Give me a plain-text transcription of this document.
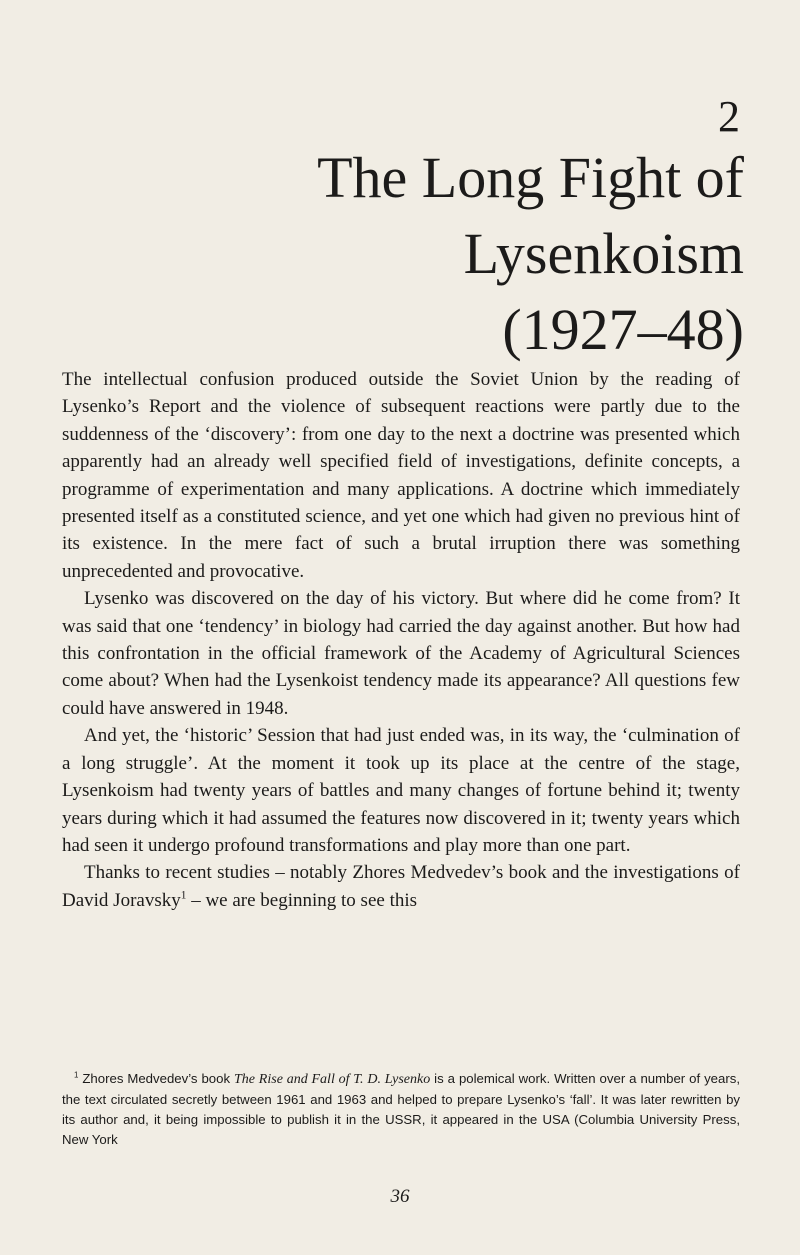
2
The Long Fight of
Lysenkoism
(1927–48)

The intellectual confusion produced outside the Soviet Union by the reading of Lysenko’s Report and the violence of subsequent reactions were partly due to the suddenness of the ‘discovery’: from one day to the next a doctrine was presented which apparently had an already well specified field of investigations, definite concepts, a programme of experimentation and many applications. A doctrine which immediately presented itself as a constituted science, and yet one which had given no previous hint of its existence. In the mere fact of such a brutal irruption there was something unprecedented and provocative.

Lysenko was discovered on the day of his victory. But where did he come from? It was said that one ‘tendency’ in biology had carried the day against another. But how had this confrontation in the official framework of the Academy of Agricultural Sciences come about? When had the Lysenkoist tendency made its appearance? All questions few could have answered in 1948.

And yet, the ‘historic’ Session that had just ended was, in its way, the ‘culmination of a long struggle’. At the moment it took up its place at the centre of the stage, Lysenkoism had twenty years of battles and many changes of fortune behind it; twenty years during which it had assumed the features now discovered in it; twenty years which had seen it undergo profound transformations and play more than one part.

Thanks to recent studies – notably Zhores Medvedev’s book and the investigations of David Joravsky$^1$ – we are beginning to see this

$^1$ Zhores Medvedev’s book The Rise and Fall of T. D. Lysenko is a polemical work. Written over a number of years, the text circulated secretly between 1961 and 1963 and helped to prepare Lysenko’s ‘fall’. It was later rewritten by its author and, it being impossible to publish it in the USSR, it appeared in the USA (Columbia University Press, New York
36
